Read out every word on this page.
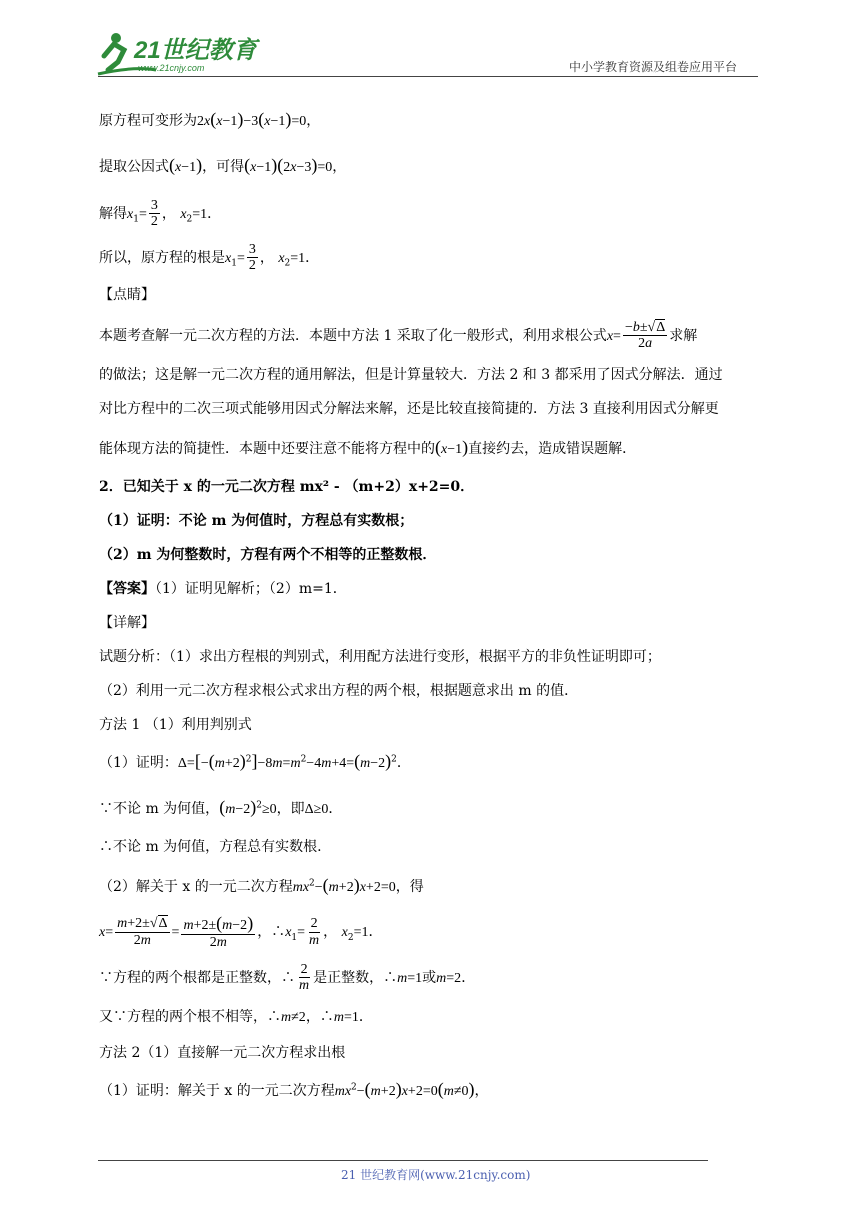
21世纪教育
www.21cnjy.com	中小学教育资源及组卷应用平台
原方程可变形为2x(x−1)−3(x−1)=0，
提取公因式(x−1)，可得(x−1)(2x−3)=0，
解得$x_1= \frac{3}{2}$ ， $x_2=1$．
所以，原方程的根是$x_1= \frac{3}{2}$ ， $x_2=1$．
【点睛】
本题考查解一元二次方程的方法．本题中方法 1 采取了化一般形式，利用求根公式$x= \frac{-b\pm√\Delta}{2a}$ 求解
的做法；这是解一元二次方程的通用解法，但是计算量较大．方法 2 和 3 都采用了因式分解法．通过
对比方程中的二次三项式能够用因式分解法来解，还是比较直接简捷的．方法 3 直接利用因式分解更
能体现方法的简捷性．本题中还要注意不能将方程中的(x−1)直接约去，造成错误题解．
2．已知关于 x 的一元二次方程 mx² - （m+2）x+2=0．
（1）证明：不论 m 为何值时，方程总有实数根；
（2）m 为何整数时，方程有两个不相等的正整数根．
【答案】（1）证明见解析；（2）m=1．
【详解】
试题分析：（1）求出方程根的判别式，利用配方法进行变形，根据平方的非负性证明即可；
（2）利用一元二次方程求根公式求出方程的两个根，根据题意求出 m 的值．
方法 1 （1）利用判别式
（1）证明：$\Delta=[-(m+2)^2]-8m=m^2-4m+4=(m-2)^2$．
∵不论 m 为何值，$(m-2)^2\ge 0$，即Δ≥0．
∴不论 m 为何值，方程总有实数根.
（2）解关于 x 的一元二次方程$mx^2-(m+2)x+2=0$，得
$x= \frac{m+2\pm√\Delta}{2m} = \frac{m+2\pm(m-2)}{2m}$ ，$\therefore x_1= \frac{2}{m}$ ， $x_2=1$．
∵方程的两个根都是正整数，∴ $\frac{2}{m}$ 是正整数，∴m=1或m=2．
又∵方程的两个根不相等，∴m≠2，∴m=1．
方法 2（1）直接解一元二次方程求出根
（1）证明：解关于 x 的一元二次方程$mx^2-(m+2)x+2=0(m\ne 0)$，
21 世纪教育网(www.21cnjy.com)
